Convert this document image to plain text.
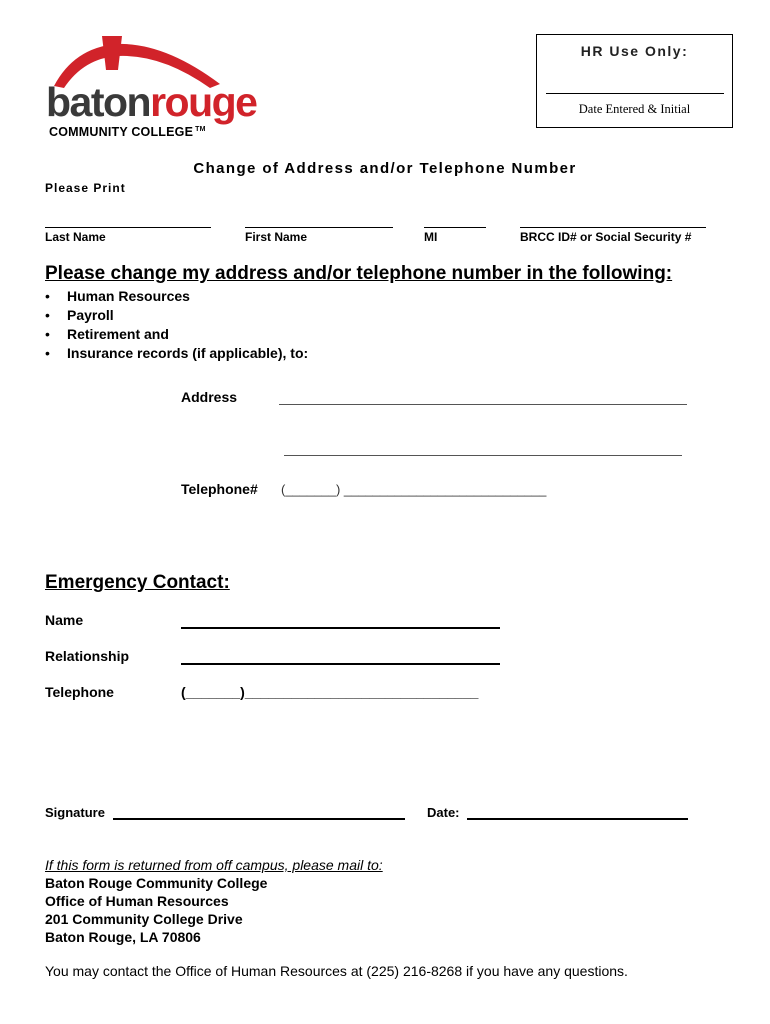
batonrouge
COMMUNITY COLLEGE ™
HR Use Only:
Date Entered & Initial
Change of Address and/or Telephone Number
Please Print
Last Name	First Name	MI	BRCC ID# or Social Security #
Please change my address and/or telephone number in the following:
• Human Resources
• Payroll
• Retirement and
• Insurance records (if applicable), to:
Address
Telephone# (_______) ____________________________
Emergency Contact:
Name
Relationship
Telephone	(_______)______________________________
Signature	Date:
If this form is returned from off campus, please mail to:
Baton Rouge Community College
Office of Human Resources
201 Community College Drive
Baton Rouge, LA 70806
You may contact the Office of Human Resources at (225) 216-8268 if you have any questions.
